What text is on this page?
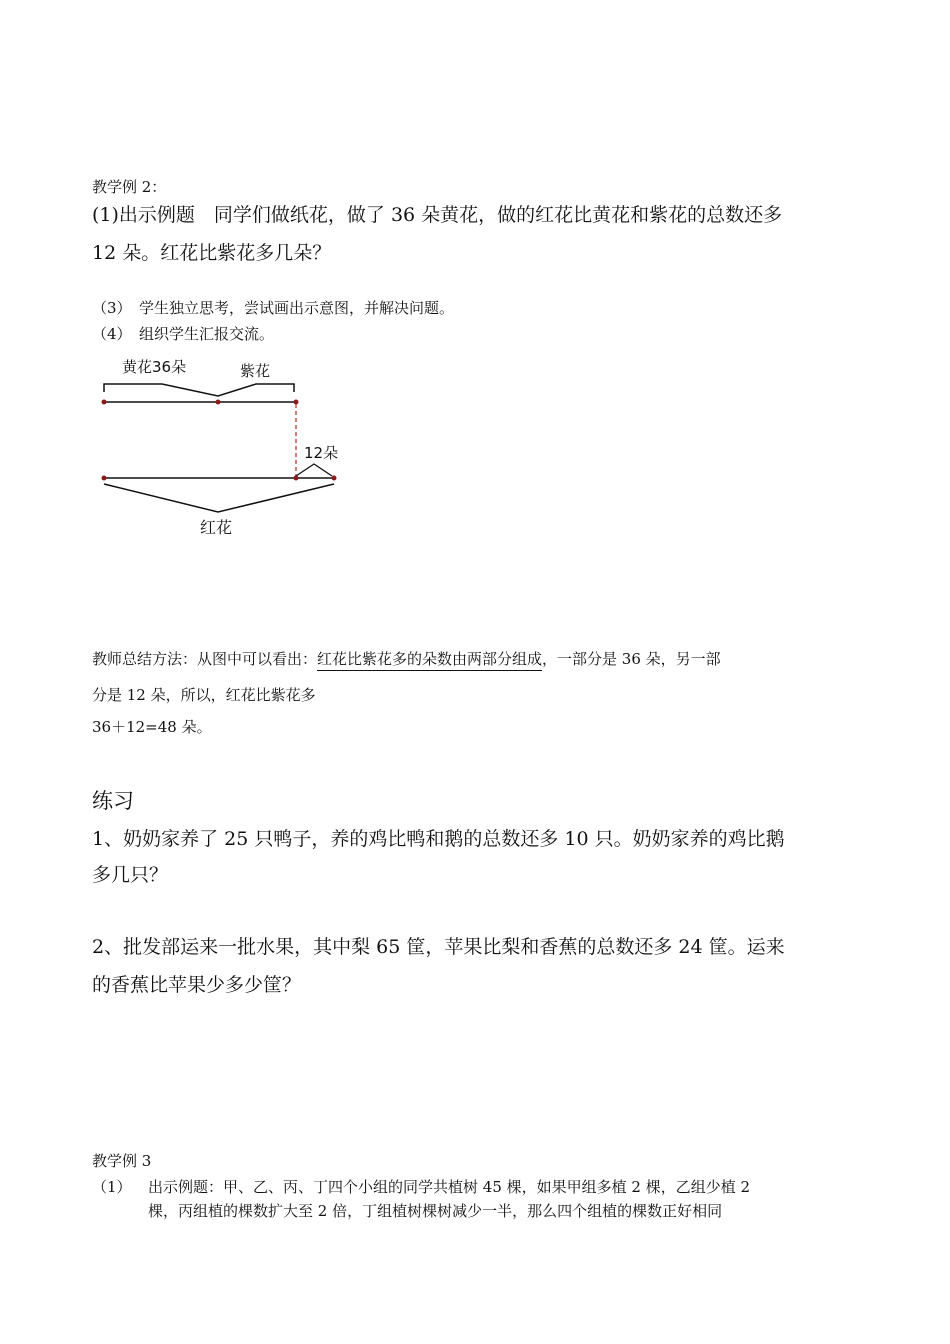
教学例 2：
(1)出示例题　同学们做纸花，做了 36 朵黄花，做的红花比黄花和紫花的总数还多
12 朵。红花比紫花多几朵？
（3）　学生独立思考，尝试画出示意图，并解决问题。
（4）　组织学生汇报交流。
黄花36朵	紫花
12朵
红花
教师总结方法：从图中可以看出：红花比紫花多的朵数由两部分组成，一部分是 36 朵，另一部
分是 12 朵，所以，红花比紫花多
36＋12=48 朵。
练习
1、奶奶家养了 25 只鸭子，养的鸡比鸭和鹅的总数还多 10 只。奶奶家养的鸡比鹅
多几只？
2、批发部运来一批水果，其中梨 65 筐，苹果比梨和香蕉的总数还多 24 筐。运来
的香蕉比苹果少多少筐？
教学例 3
（1） 出示例题：甲、乙、丙、丁四个小组的同学共植树 45 棵，如果甲组多植 2 棵，乙组少植 2
棵，丙组植的棵数扩大至 2 倍，丁组植树棵树减少一半，那么四个组植的棵数正好相同
